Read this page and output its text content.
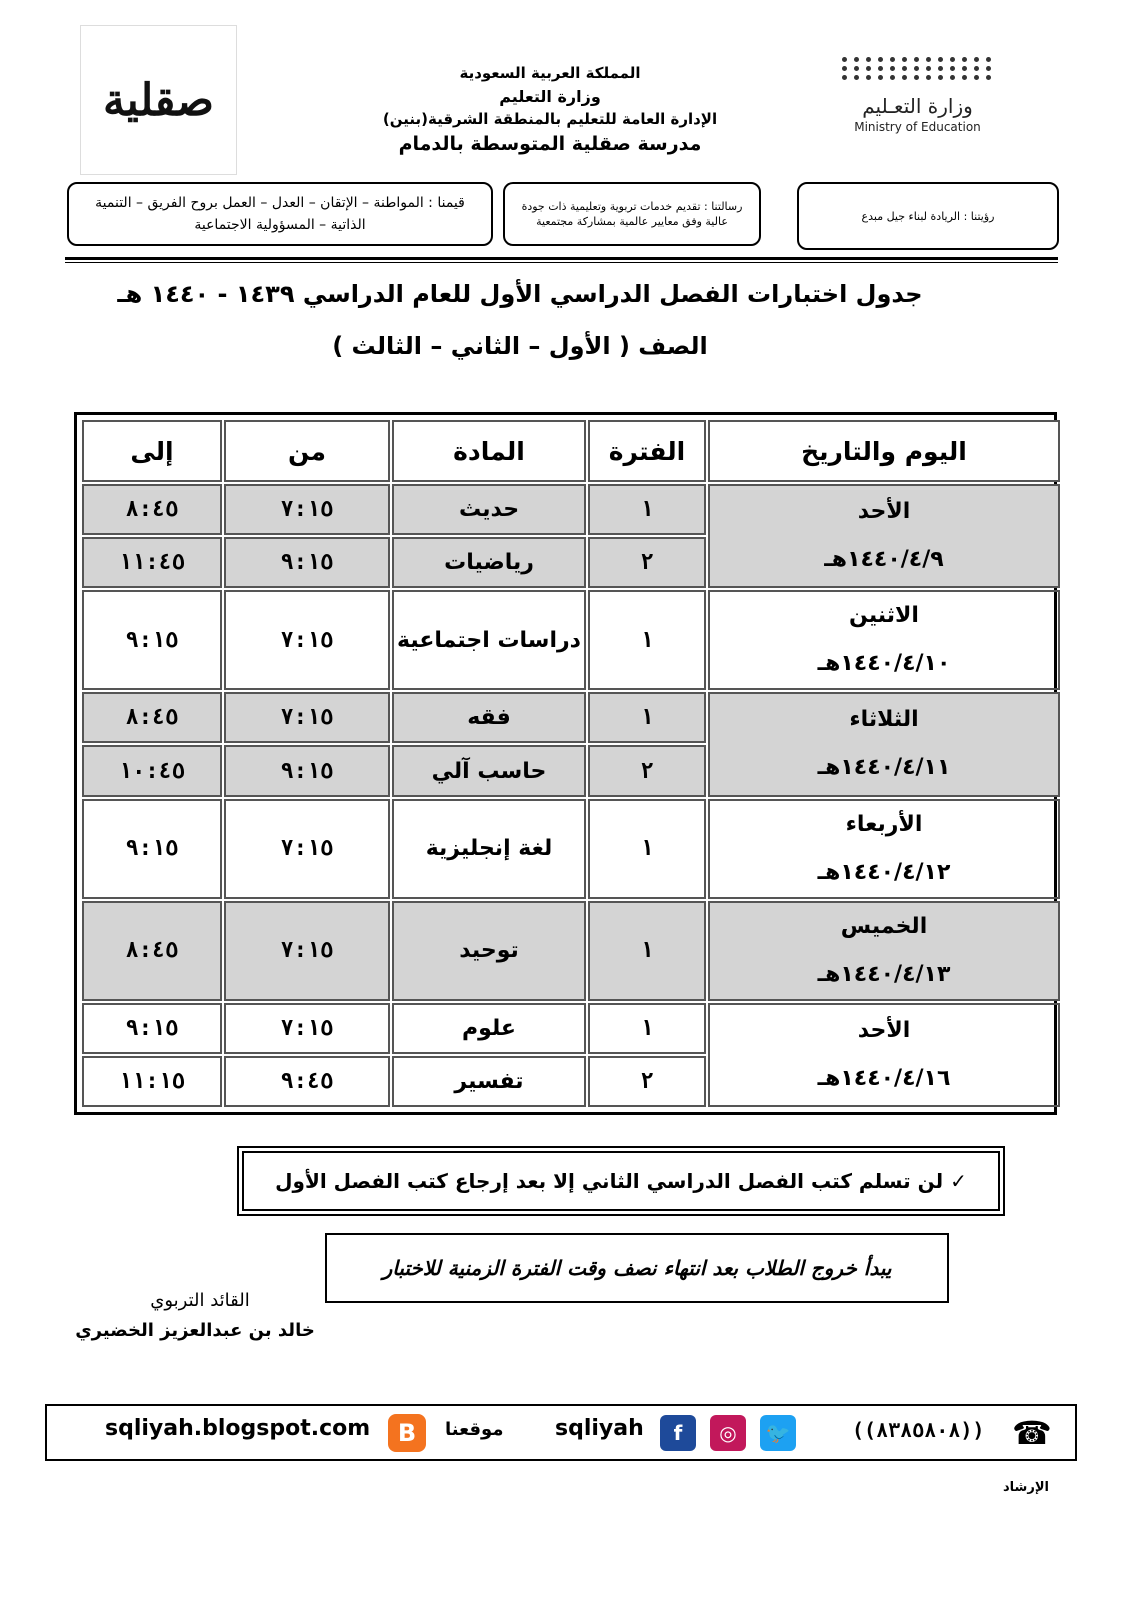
صقلية
المملكة العربية السعودية
وزارة التعليم
الإدارة العامة للتعليم بالمنطقة الشرقية(بنين)
مدرسة صقلية المتوسطة بالدمام
وزارة التعـليم
Ministry of Education
قيمنا : المواطنة – الإتقان – العدل – العمل بروح الفريق – التنمية الذاتية – المسؤولية الاجتماعية
رسالتنا : تقديم خدمات تربوية وتعليمية ذات جودة عالية وفق معايير عالمية بمشاركة مجتمعية	رؤيتنا : الريادة لبناء جيل مبدع
جدول اختبارات الفصل الدراسي الأول للعام الدراسي ١٤٣٩ - ١٤٤٠ هـ
الصف ( الأول – الثاني – الثالث )
اليوم والتاريخ	الفترة	المادة	من	إلى

الأحد
١٤٤٠/٤/٩هـ	١	حديث	٧:١٥	٨:٤٥
	٢	رياضيات	٩:١٥	١١:٤٥

الاثنين
١٤٤٠/٤/١٠هـ	١	دراسات اجتماعية	٧:١٥	٩:١٥

الثلاثاء
١٤٤٠/٤/١١هـ	١	فقه	٧:١٥	٨:٤٥
	٢	حاسب آلي	٩:١٥	١٠:٤٥

الأربعاء
١٤٤٠/٤/١٢هـ	١	لغة إنجليزية	٧:١٥	٩:١٥

الخميس
١٤٤٠/٤/١٣هـ	١	توحيد	٧:١٥	٨:٤٥

الأحد
١٤٤٠/٤/١٦هـ	١	علوم	٧:١٥	٩:١٥
	٢	تفسير	٩:٤٥	١١:١٥
✓ لن تسلم كتب الفصل الدراسي الثاني إلا بعد إرجاع كتب الفصل الأول
يبدأ خروج الطلاب بعد انتهاء نصف وقت الفترة الزمنية للاختبار
القائد التربوي
خالد بن عبدالعزيز الخضيري
☎
((٨٣٨٥٨٠٨))
🐦
◎
f
sqliyah
موقعنا
B
sqliyah.blogspot.com
الإرشاد
